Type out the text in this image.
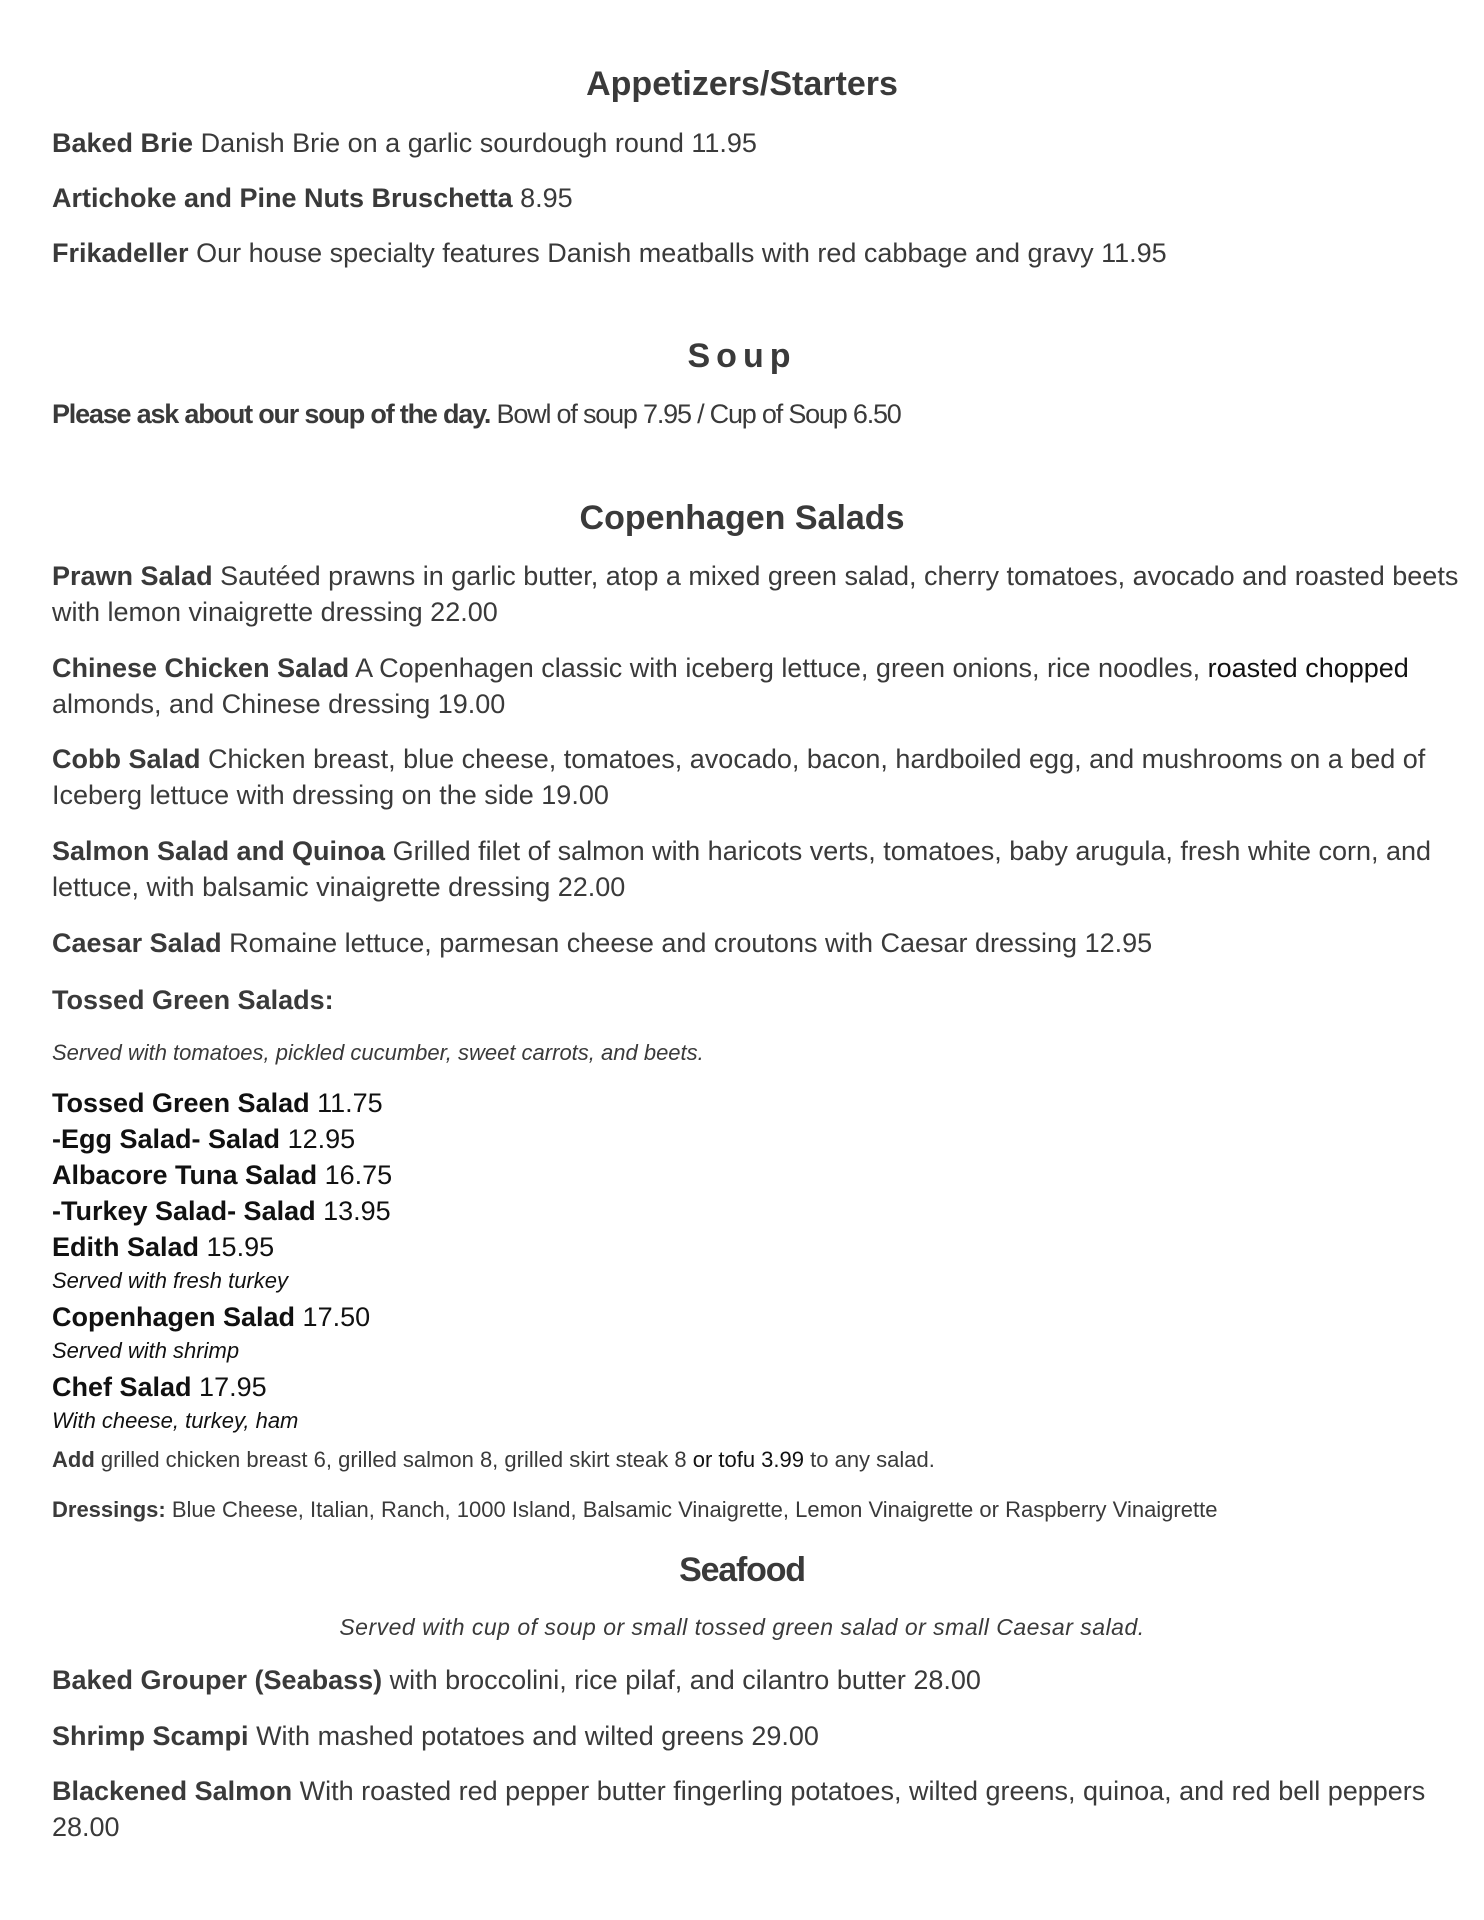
Appetizers/Starters

Baked Brie Danish Brie on a garlic sourdough round 11.95

Artichoke and Pine Nuts Bruschetta 8.95

Frikadeller Our house specialty features Danish meatballs with red cabbage and gravy 11.95

Soup

Please ask about our soup of the day. Bowl of soup 7.95 / Cup of Soup 6.50

Copenhagen Salads

Prawn Salad Sautéed prawns in garlic butter, atop a mixed green salad, cherry tomatoes, avocado and roasted beets

with lemon vinaigrette dressing 22.00

Chinese Chicken Salad A Copenhagen classic with iceberg lettuce, green onions, rice noodles, roasted chopped

almonds, and Chinese dressing 19.00

Cobb Salad Chicken breast, blue cheese, tomatoes, avocado, bacon, hardboiled egg, and mushrooms on a bed of

Iceberg lettuce with dressing on the side 19.00

Salmon Salad and Quinoa Grilled filet of salmon with haricots verts, tomatoes, baby arugula, fresh white corn, and

lettuce, with balsamic vinaigrette dressing 22.00

Caesar Salad Romaine lettuce, parmesan cheese and croutons with Caesar dressing 12.95

Tossed Green Salads:

Served with tomatoes, pickled cucumber, sweet carrots, and beets.

Tossed Green Salad 11.75

-Egg Salad- Salad 12.95

Albacore Tuna Salad 16.75

-Turkey Salad- Salad 13.95

Edith Salad 15.95

Served with fresh turkey

Copenhagen Salad 17.50

Served with shrimp

Chef Salad 17.95

With cheese, turkey, ham

Add grilled chicken breast 6, grilled salmon 8, grilled skirt steak 8 or tofu 3.99 to any salad.

Dressings: Blue Cheese, Italian, Ranch, 1000 Island, Balsamic Vinaigrette, Lemon Vinaigrette or Raspberry Vinaigrette

Seafood

Served with cup of soup or small tossed green salad or small Caesar salad.

Baked Grouper (Seabass) with broccolini, rice pilaf, and cilantro butter 28.00

Shrimp Scampi With mashed potatoes and wilted greens 29.00

Blackened Salmon With roasted red pepper butter fingerling potatoes, wilted greens, quinoa, and red bell peppers

28.00
